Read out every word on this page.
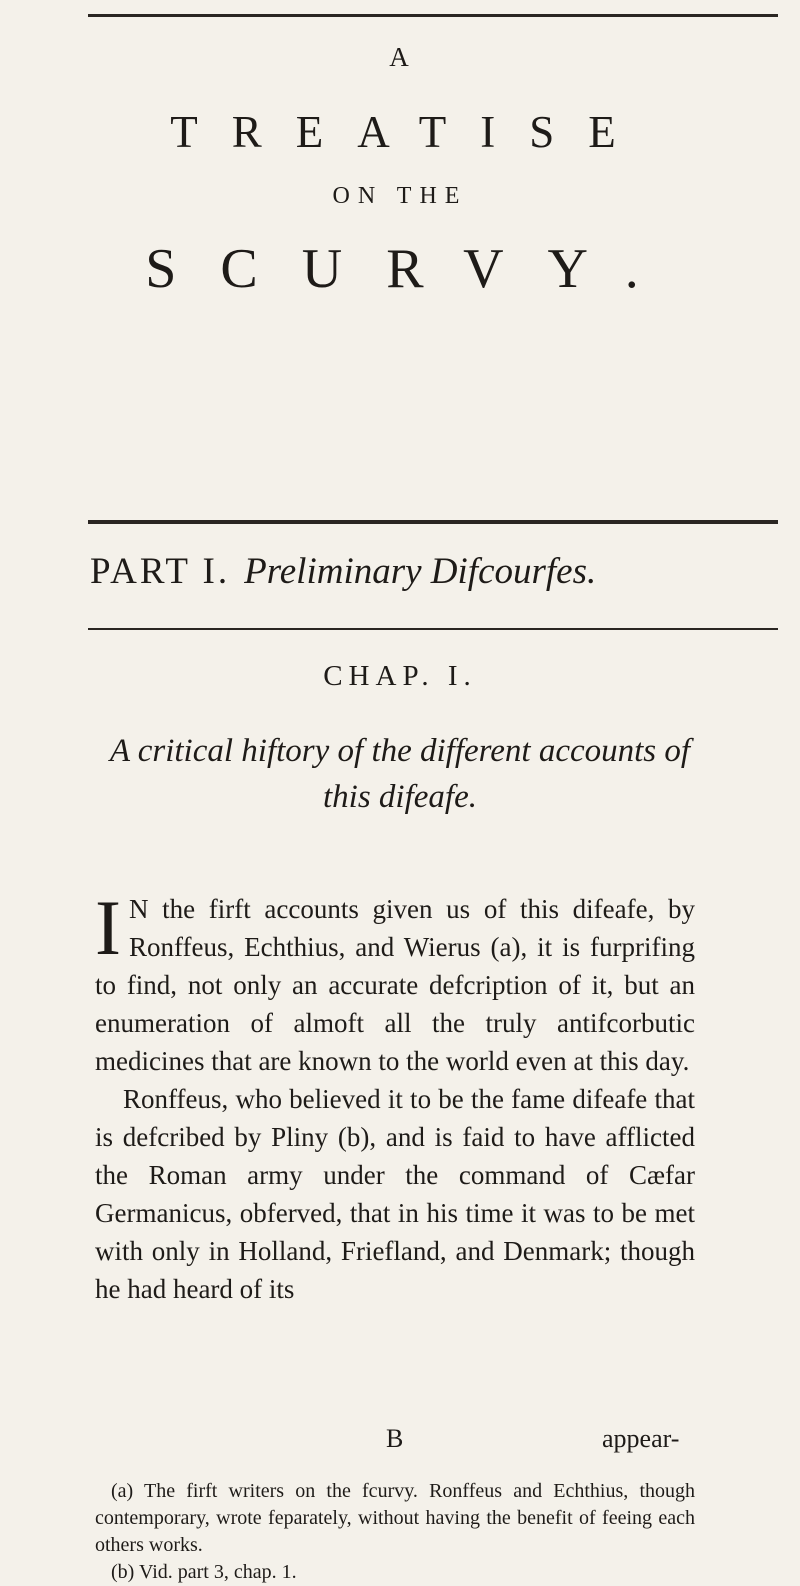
A
TREATISE
ON THE
SCURVY.
PART I. Preliminary Difcourfes.
CHAP. I.
A critical hiftory of the different accounts of
this difeafe.

I N the firft accounts given us of this difeafe, by Ronffeus, Echthius, and Wierus (a), it is furprifing to find, not only an accurate defcription of it, but an enumeration of almoft all the truly antifcorbutic medicines that are known to the world even at this day.

Ronffeus, who believed it to be the fame difeafe that is defcribed by Pliny (b), and is faid to have afflicted the Roman army under the command of Cæfar Germanicus, obferved, that in his time it was to be met with only in Holland, Friefland, and Denmark; though he had heard of its

B	appear-

(a) The firft writers on the fcurvy. Ronffeus and Echthius, though contemporary, wrote feparately, without having the benefit of feeing each others works.

(b) Vid. part 3, chap. 1.
